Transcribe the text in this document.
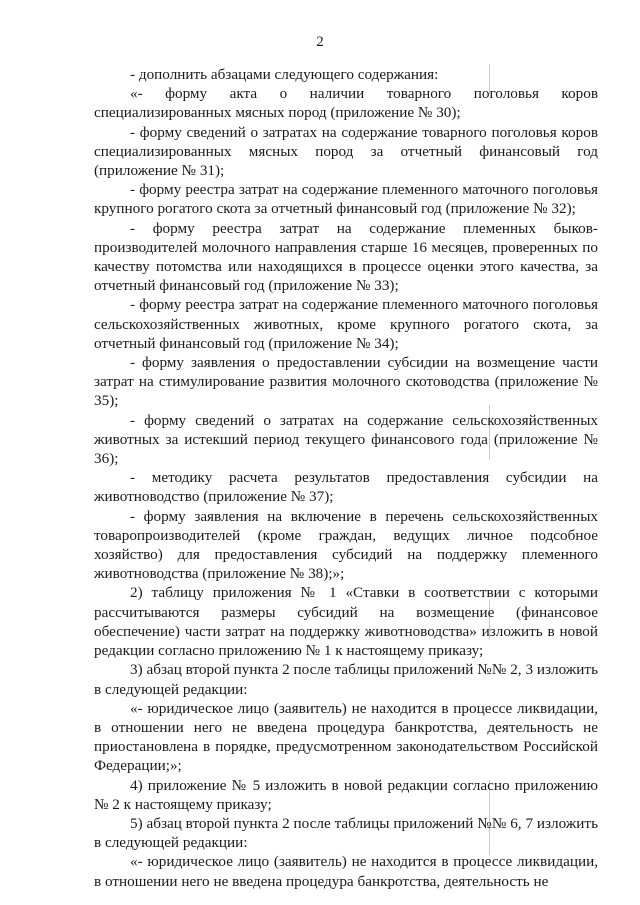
2

- дополнить абзацами следующего содержания:

«- форму акта о наличии товарного поголовья коров специализированных мясных пород (приложение № 30);

- форму сведений о затратах на содержание товарного поголовья коров специализированных мясных пород за отчетный финансовый год (приложение № 31);

- форму реестра затрат на содержание племенного маточного поголовья крупного рогатого скота за отчетный финансовый год (приложение № 32);

- форму реестра затрат на содержание племенных быков-производителей молочного направления старше 16 месяцев, проверенных по качеству потомства или находящихся в процессе оценки этого качества, за отчетный финансовый год (приложение № 33);

- форму реестра затрат на содержание племенного маточного поголовья сельскохозяйственных животных, кроме крупного рогатого скота, за отчетный финансовый год (приложение № 34);

- форму заявления о предоставлении субсидии на возмещение части затрат на стимулирование развития молочного скотоводства (приложение № 35);

- форму сведений о затратах на содержание сельскохозяйственных животных за истекший период текущего финансового года (приложение № 36);

- методику расчета результатов предоставления субсидии на животноводство (приложение № 37);

- форму заявления на включение в перечень сельскохозяйственных товаропроизводителей (кроме граждан, ведущих личное подсобное хозяйство) для предоставления субсидий на поддержку племенного животноводства (приложение № 38);»;

2) таблицу приложения № 1 «Ставки в соответствии с которыми рассчитываются размеры субсидий на возмещение (финансовое обеспечение) части затрат на поддержку животноводства» изложить в новой редакции согласно приложению № 1 к настоящему приказу;

3) абзац второй пункта 2 после таблицы приложений №№ 2, 3 изложить в следующей редакции:

«- юридическое лицо (заявитель) не находится в процессе ликвидации, в отношении него не введена процедура банкротства, деятельность не приостановлена в порядке, предусмотренном законодательством Российской Федерации;»;

4) приложение № 5 изложить в новой редакции согласно приложению № 2 к настоящему приказу;

5) абзац второй пункта 2 после таблицы приложений №№ 6, 7 изложить в следующей редакции:

«- юридическое лицо (заявитель) не находится в процессе ликвидации, в отношении него не введена процедура банкротства, деятельность не
